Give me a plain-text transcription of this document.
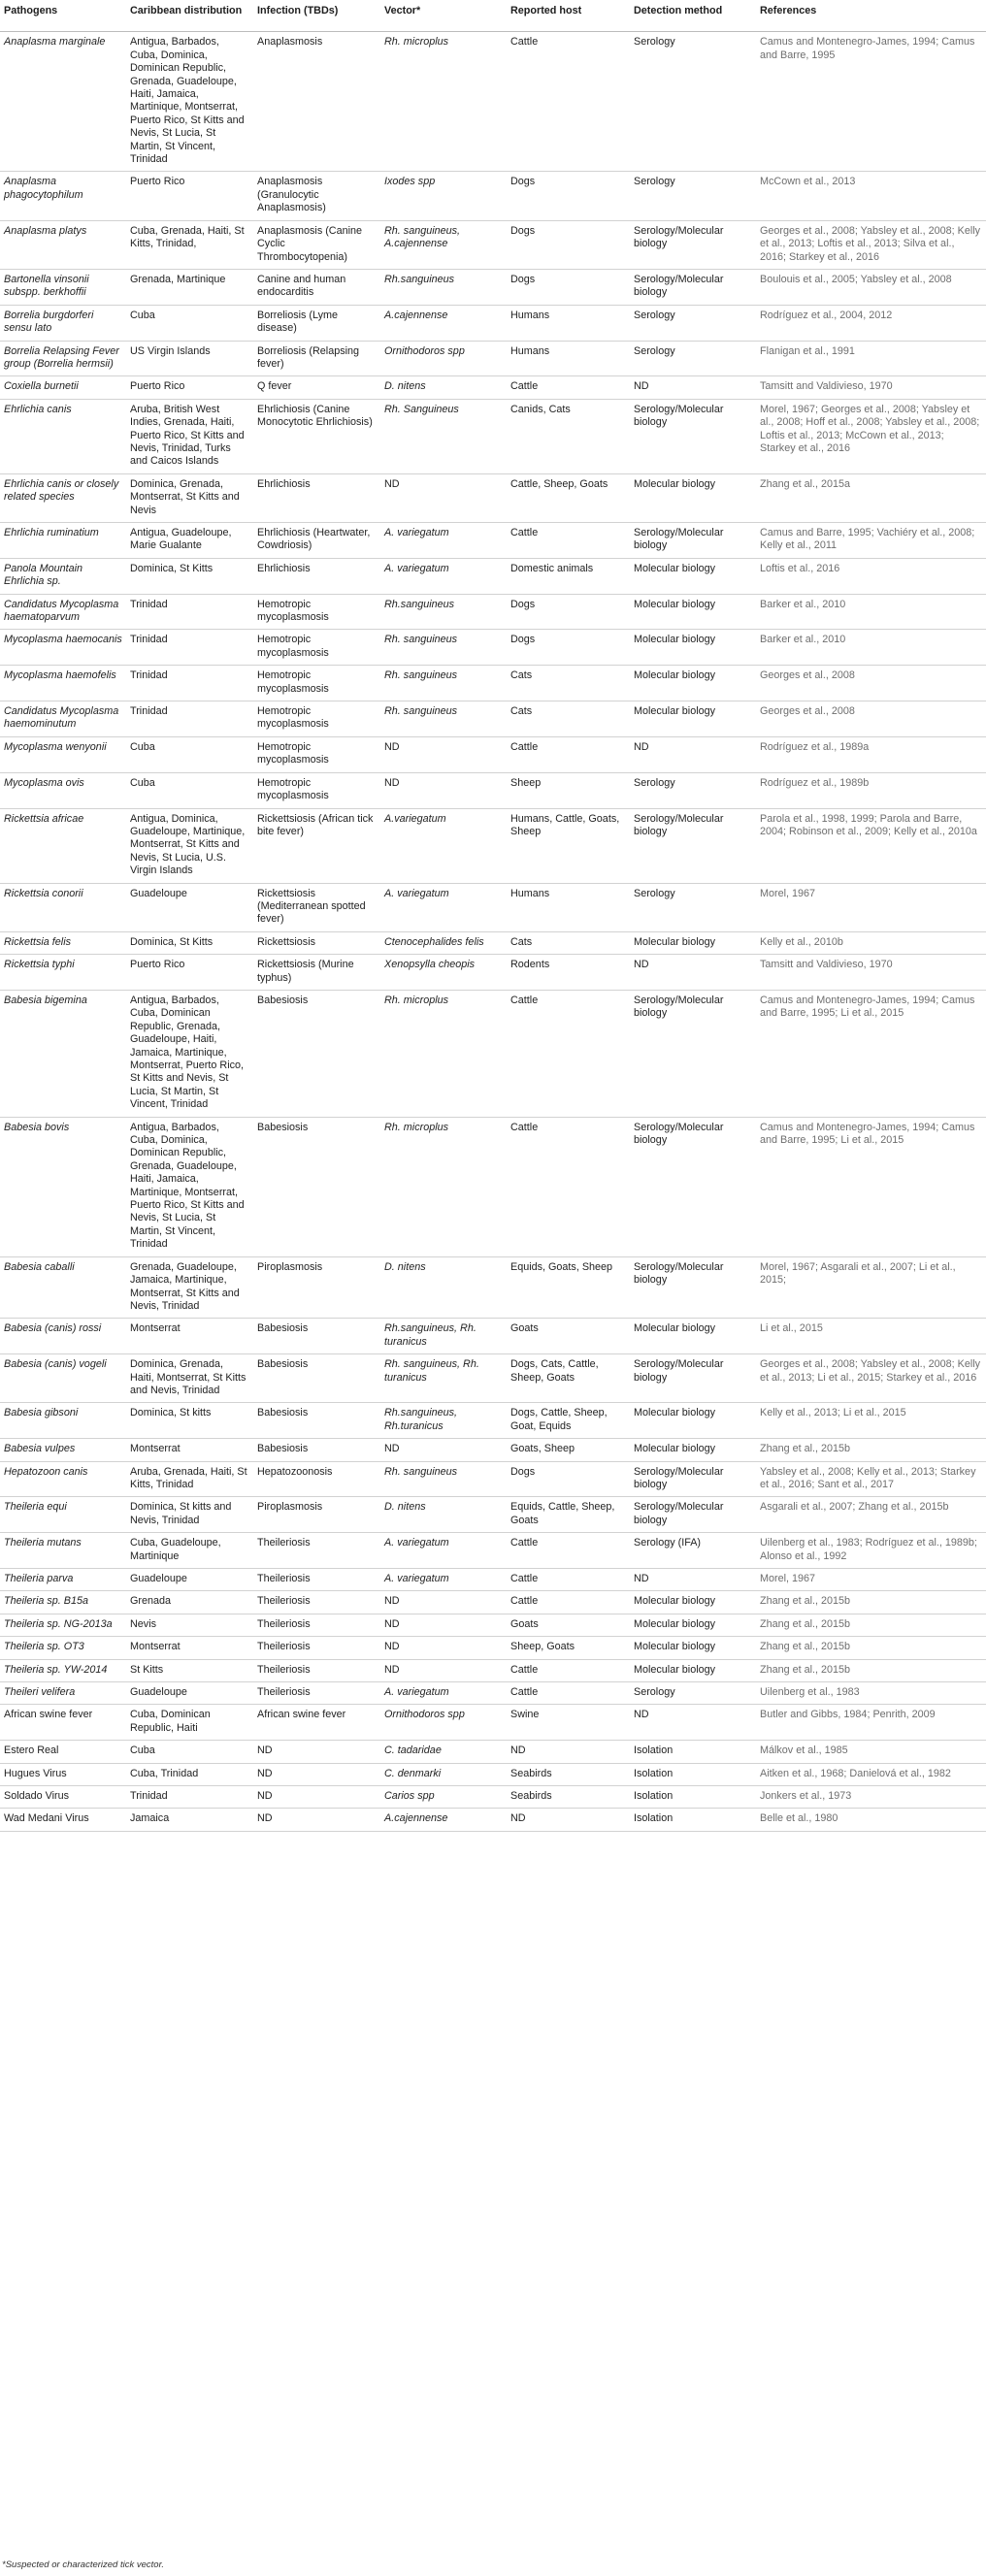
Pathogens	Caribbean distribution	Infection (TBDs)	Vector*	Reported host	Detection method	References
Anaplasma marginale	Antigua, Barbados, Cuba, Dominica, Dominican Republic, Grenada, Guadeloupe, Haiti, Jamaica, Martinique, Montserrat, Puerto Rico, St Kitts and Nevis, St Lucia, St Martin, St Vincent, Trinidad	Anaplasmosis	Rh. microplus	Cattle	Serology	Camus and Montenegro-James, 1994; Camus and Barre, 1995
Anaplasma phagocytophilum	Puerto Rico	Anaplasmosis (Granulocytic Anaplasmosis)	Ixodes spp	Dogs	Serology	McCown et al., 2013
Anaplasma platys	Cuba, Grenada, Haiti, St Kitts, Trinidad,	Anaplasmosis (Canine Cyclic Thrombocytopenia)	Rh. sanguineus, A.cajennense	Dogs	Serology/Molecular biology	Georges et al., 2008; Yabsley et al., 2008; Kelly et al., 2013; Loftis et al., 2013; Silva et al., 2016; Starkey et al., 2016
Bartonella vinsonii subspp. berkhoffii	Grenada, Martinique	Canine and human endocarditis	Rh.sanguineus	Dogs	Serology/Molecular biology	Boulouis et al., 2005; Yabsley et al., 2008
Borrelia burgdorferi sensu lato	Cuba	Borreliosis (Lyme disease)	A.cajennense	Humans	Serology	Rodríguez et al., 2004, 2012
Borrelia Relapsing Fever group (Borrelia hermsii)	US Virgin Islands	Borreliosis (Relapsing fever)	Ornithodoros spp	Humans	Serology	Flanigan et al., 1991
Coxiella burnetii	Puerto Rico	Q fever	D. nitens	Cattle	ND	Tamsitt and Valdivieso, 1970
Ehrlichia canis	Aruba, British West Indies, Grenada, Haiti, Puerto Rico, St Kitts and Nevis, Trinidad, Turks and Caicos Islands	Ehrlichiosis (Canine Monocytotic Ehrlichiosis)	Rh. Sanguineus	Canids, Cats	Serology/Molecular biology	Morel, 1967; Georges et al., 2008; Yabsley et al., 2008; Hoff et al., 2008; Yabsley et al., 2008; Loftis et al., 2013; McCown et al., 2013; Starkey et al., 2016
Ehrlichia canis or closely related species	Dominica, Grenada, Montserrat, St Kitts and Nevis	Ehrlichiosis	ND	Cattle, Sheep, Goats	Molecular biology	Zhang et al., 2015a
Ehrlichia ruminatium	Antigua, Guadeloupe, Marie Gualante	Ehrlichiosis (Heartwater, Cowdriosis)	A. variegatum	Cattle	Serology/Molecular biology	Camus and Barre, 1995; Vachiéry et al., 2008; Kelly et al., 2011
Panola Mountain Ehrlichia sp.	Dominica, St Kitts	Ehrlichiosis	A. variegatum	Domestic animals	Molecular biology	Loftis et al., 2016
Candidatus Mycoplasma haematoparvum	Trinidad	Hemotropic mycoplasmosis	Rh.sanguineus	Dogs	Molecular biology	Barker et al., 2010
Mycoplasma haemocanis	Trinidad	Hemotropic mycoplasmosis	Rh. sanguineus	Dogs	Molecular biology	Barker et al., 2010
Mycoplasma haemofelis	Trinidad	Hemotropic mycoplasmosis	Rh. sanguineus	Cats	Molecular biology	Georges et al., 2008
Candidatus Mycoplasma haemominutum	Trinidad	Hemotropic mycoplasmosis	Rh. sanguineus	Cats	Molecular biology	Georges et al., 2008
Mycoplasma wenyonii	Cuba	Hemotropic mycoplasmosis	ND	Cattle	ND	Rodríguez et al., 1989a
Mycoplasma ovis	Cuba	Hemotropic mycoplasmosis	ND	Sheep	Serology	Rodríguez et al., 1989b
Rickettsia africae	Antigua, Dominica, Guadeloupe, Martinique, Montserrat, St Kitts and Nevis, St Lucia, U.S. Virgin Islands	Rickettsiosis (African tick bite fever)	A.variegatum	Humans, Cattle, Goats, Sheep	Serology/Molecular biology	Parola et al., 1998, 1999; Parola and Barre, 2004; Robinson et al., 2009; Kelly et al., 2010a
Rickettsia conorii	Guadeloupe	Rickettsiosis (Mediterranean spotted fever)	A. variegatum	Humans	Serology	Morel, 1967
Rickettsia felis	Dominica, St Kitts	Rickettsiosis	Ctenocephalides felis	Cats	Molecular biology	Kelly et al., 2010b
Rickettsia typhi	Puerto Rico	Rickettsiosis (Murine typhus)	Xenopsylla cheopis	Rodents	ND	Tamsitt and Valdivieso, 1970
Babesia bigemina	Antigua, Barbados, Cuba, Dominican Republic, Grenada, Guadeloupe, Haiti, Jamaica, Martinique, Montserrat, Puerto Rico, St Kitts and Nevis, St Lucia, St Martin, St Vincent, Trinidad	Babesiosis	Rh. microplus	Cattle	Serology/Molecular biology	Camus and Montenegro-James, 1994; Camus and Barre, 1995; Li et al., 2015
Babesia bovis	Antigua, Barbados, Cuba, Dominica, Dominican Republic, Grenada, Guadeloupe, Haiti, Jamaica, Martinique, Montserrat, Puerto Rico, St Kitts and Nevis, St Lucia, St Martin, St Vincent, Trinidad	Babesiosis	Rh. microplus	Cattle	Serology/Molecular biology	Camus and Montenegro-James, 1994; Camus and Barre, 1995; Li et al., 2015
Babesia caballi	Grenada, Guadeloupe, Jamaica, Martinique, Montserrat, St Kitts and Nevis, Trinidad	Piroplasmosis	D. nitens	Equids, Goats, Sheep	Serology/Molecular biology	Morel, 1967; Asgarali et al., 2007; Li et al., 2015;
Babesia (canis) rossi	Montserrat	Babesiosis	Rh.sanguineus, Rh. turanicus	Goats	Molecular biology	Li et al., 2015
Babesia (canis) vogeli	Dominica, Grenada, Haiti, Montserrat, St Kitts and Nevis, Trinidad	Babesiosis	Rh. sanguineus, Rh. turanicus	Dogs, Cats, Cattle, Sheep, Goats	Serology/Molecular biology	Georges et al., 2008; Yabsley et al., 2008; Kelly et al., 2013; Li et al., 2015; Starkey et al., 2016
Babesia gibsoni	Dominica, St kitts	Babesiosis	Rh.sanguineus, Rh.turanicus	Dogs, Cattle, Sheep, Goat, Equids	Molecular biology	Kelly et al., 2013; Li et al., 2015
Babesia vulpes	Montserrat	Babesiosis	ND	Goats, Sheep	Molecular biology	Zhang et al., 2015b
Hepatozoon canis	Aruba, Grenada, Haiti, St Kitts, Trinidad	Hepatozoonosis	Rh. sanguineus	Dogs	Serology/Molecular biology	Yabsley et al., 2008; Kelly et al., 2013; Starkey et al., 2016; Sant et al., 2017
Theileria equi	Dominica, St kitts and Nevis, Trinidad	Piroplasmosis	D. nitens	Equids, Cattle, Sheep, Goats	Serology/Molecular biology	Asgarali et al., 2007; Zhang et al., 2015b
Theileria mutans	Cuba, Guadeloupe, Martinique	Theileriosis	A. variegatum	Cattle	Serology (IFA)	Uilenberg et al., 1983; Rodríguez et al., 1989b; Alonso et al., 1992
Theileria parva	Guadeloupe	Theileriosis	A. variegatum	Cattle	ND	Morel, 1967
Theileria sp. B15a	Grenada	Theileriosis	ND	Cattle	Molecular biology	Zhang et al., 2015b
Theileria sp. NG-2013a	Nevis	Theileriosis	ND	Goats	Molecular biology	Zhang et al., 2015b
Theileria sp. OT3	Montserrat	Theileriosis	ND	Sheep, Goats	Molecular biology	Zhang et al., 2015b
Theileria sp. YW-2014	St Kitts	Theileriosis	ND	Cattle	Molecular biology	Zhang et al., 2015b
Theileri velifera	Guadeloupe	Theileriosis	A. variegatum	Cattle	Serology	Uilenberg et al., 1983
African swine fever	Cuba, Dominican Republic, Haiti	African swine fever	Ornithodoros spp	Swine	ND	Butler and Gibbs, 1984; Penrith, 2009
Estero Real	Cuba	ND	C. tadaridae	ND	Isolation	Málkov et al., 1985
Hugues Virus	Cuba, Trinidad	ND	C. denmarki	Seabirds	Isolation	Aitken et al., 1968; Danielová et al., 1982
Soldado Virus	Trinidad	ND	Carios spp	Seabirds	Isolation	Jonkers et al., 1973
Wad Medani Virus	Jamaica	ND	A.cajennense	ND	Isolation	Belle et al., 1980
*Suspected or characterized tick vector.
